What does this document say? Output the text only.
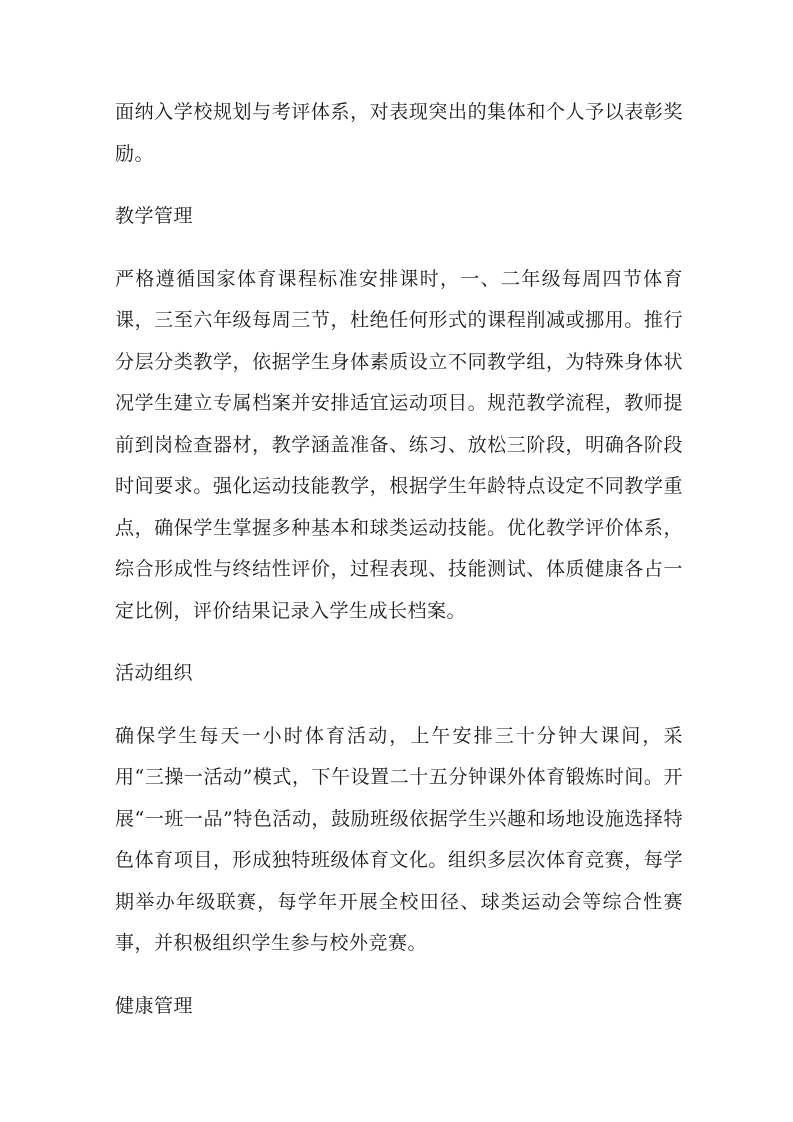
面纳入学校规划与考评体系，对表现突出的集体和个人予以表彰奖励。

教学管理

严格遵循国家体育课程标准安排课时，一、二年级每周四节体育课，三至六年级每周三节，杜绝任何形式的课程削减或挪用。推行分层分类教学，依据学生身体素质设立不同教学组，为特殊身体状况学生建立专属档案并安排适宜运动项目。规范教学流程，教师提前到岗检查器材，教学涵盖准备、练习、放松三阶段，明确各阶段时间要求。强化运动技能教学，根据学生年龄特点设定不同教学重点，确保学生掌握多种基本和球类运动技能。优化教学评价体系，综合形成性与终结性评价，过程表现、技能测试、体质健康各占一定比例，评价结果记录入学生成长档案。

活动组织

确保学生每天一小时体育活动，上午安排三十分钟大课间，采用“三操一活动”模式，下午设置二十五分钟课外体育锻炼时间。开展“一班一品”特色活动，鼓励班级依据学生兴趣和场地设施选择特色体育项目，形成独特班级体育文化。组织多层次体育竞赛，每学期举办年级联赛，每学年开展全校田径、球类运动会等综合性赛事，并积极组织学生参与校外竞赛。

健康管理
